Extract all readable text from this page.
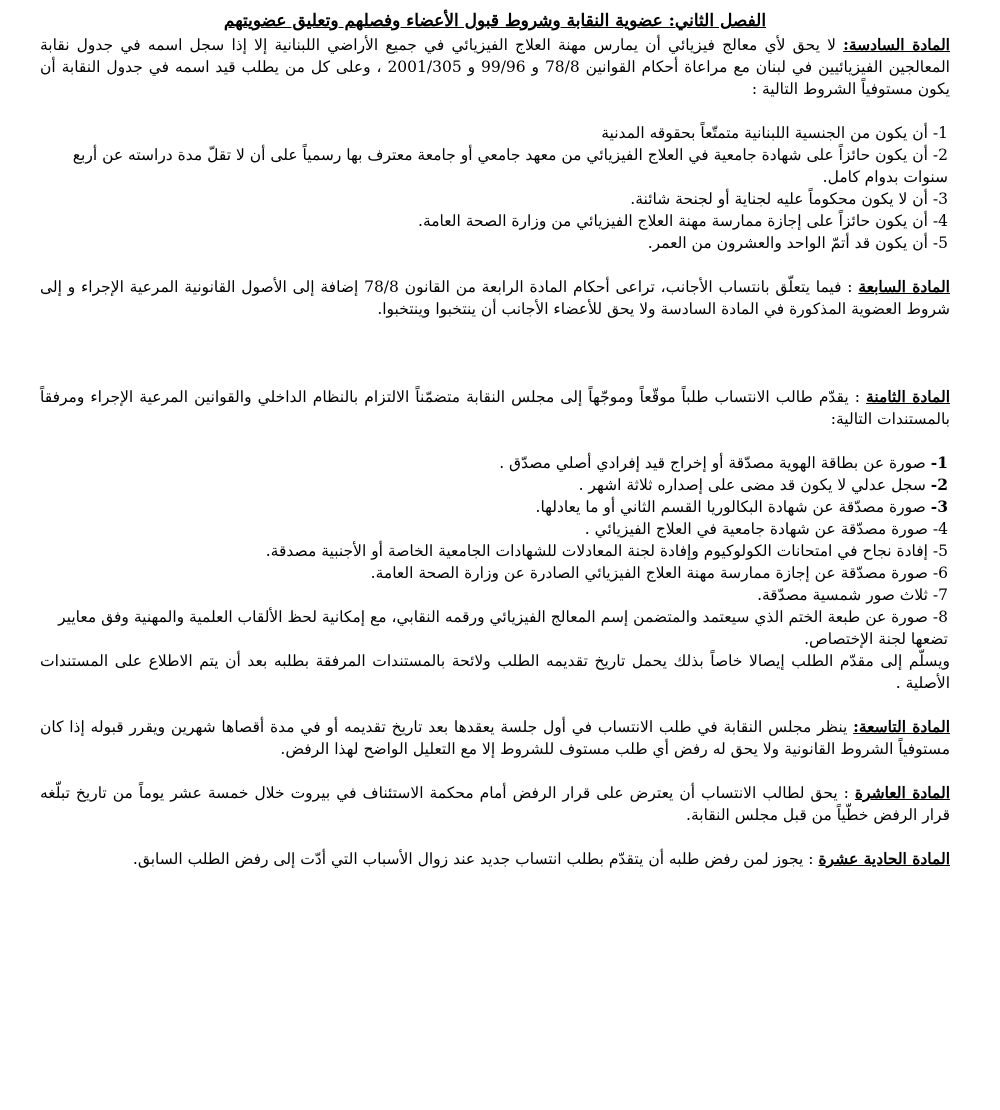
الفصل الثاني: عضوية النقابة وشروط قبول الأعضاء وفصلهم وتعليق عضويتهم

المادة السادسة: لا يحق لأي معالج فيزيائي أن يمارس مهنة العلاج الفيزيائي في جميع الأراضي اللبنانية إلا إذا سجل اسمه في جدول نقابة المعالجين الفيزيائيين في لبنان مع مراعاة أحكام القوانين 78/8 و 99/96 و 2001/305 ، وعلى كل من يطلب قيد اسمه في جدول النقابة أن يكون مستوفياً الشروط التالية :

1- أن يكون من الجنسية اللبنانية متمتّعاً بحقوقه المدنية
2- أن يكون حائزاً على شهادة جامعية في العلاج الفيزيائي من معهد جامعي أو جامعة معترف بها رسمياً على أن لا تقلّ مدة دراسته عن أربع سنوات بدوام كامل.
3- أن لا يكون محكوماً عليه لجناية أو لجنحة شائنة.
4- أن يكون حائزاً على إجازة ممارسة مهنة العلاج الفيزيائي من وزارة الصحة العامة.
5- أن يكون قد أتمّ الواحد والعشرون من العمر.

المادة السابعة : فيما يتعلّق بانتساب الأجانب، تراعى أحكام المادة الرابعة من القانون 78/8 إضافة إلى الأصول القانونية المرعية الإجراء و إلى شروط العضوية المذكورة في المادة السادسة ولا يحق للأعضاء الأجانب أن ينتخبوا وينتخبوا.

المادة الثامنة : يقدّم طالب الانتساب طلباً موقّعاً وموجّهاً إلى مجلس النقابة متضمّناً الالتزام بالنظام الداخلي والقوانين المرعية الإجراء ومرفقاً بالمستندات التالية:

1- صورة عن بطاقة الهوية مصدّقة أو إخراج قيد إفرادي أصلي مصدّق .
2- سجل عدلي لا يكون قد مضى على إصداره ثلاثة اشهر .
3- صورة مصدّقة عن شهادة البكالوريا القسم الثاني أو ما يعادلها.
4- صورة مصدّقة عن شهادة جامعية في العلاج الفيزيائي .
5- إفادة نجاح في امتحانات الكولوكيوم وإفادة لجنة المعادلات للشهادات الجامعية الخاصة أو الأجنبية مصدقة.
6- صورة مصدّقة عن إجازة ممارسة مهنة العلاج الفيزيائي الصادرة عن وزارة الصحة العامة.
7- ثلاث صور شمسية مصدّقة.
8- صورة عن طبعة الختم الذي سيعتمد والمتضمن إسم المعالج الفيزيائي ورقمه النقابي، مع إمكانية لحظ الألقاب العلمية والمهنية وفق معايير تضعها لجنة الإختصاص.

ويسلّم إلى مقدّم الطلب إيصالا خاصاً بذلك يحمل تاريخ تقديمه الطلب ولائحة بالمستندات المرفقة بطلبه بعد أن يتم الاطلاع على المستندات الأصلية .

المادة التاسعة: ينظر مجلس النقابة في طلب الانتساب في أول جلسة يعقدها بعد تاريخ تقديمه أو في مدة أقصاها شهرين ويقرر قبوله إذا كان مستوفياً الشروط القانونية ولا يحق له رفض أي طلب مستوف للشروط إلا مع التعليل الواضح لهذا الرفض.

المادة العاشرة : يحق لطالب الانتساب أن يعترض على قرار الرفض أمام محكمة الاستئناف في بيروت خلال خمسة عشر يوماً من تاريخ تبلّغه قرار الرفض خطّياً من قبل مجلس النقابة.

المادة الحادية عشرة : يجوز لمن رفض طلبه أن يتقدّم بطلب انتساب جديد عند زوال الأسباب التي أدّت إلى رفض الطلب السابق.
